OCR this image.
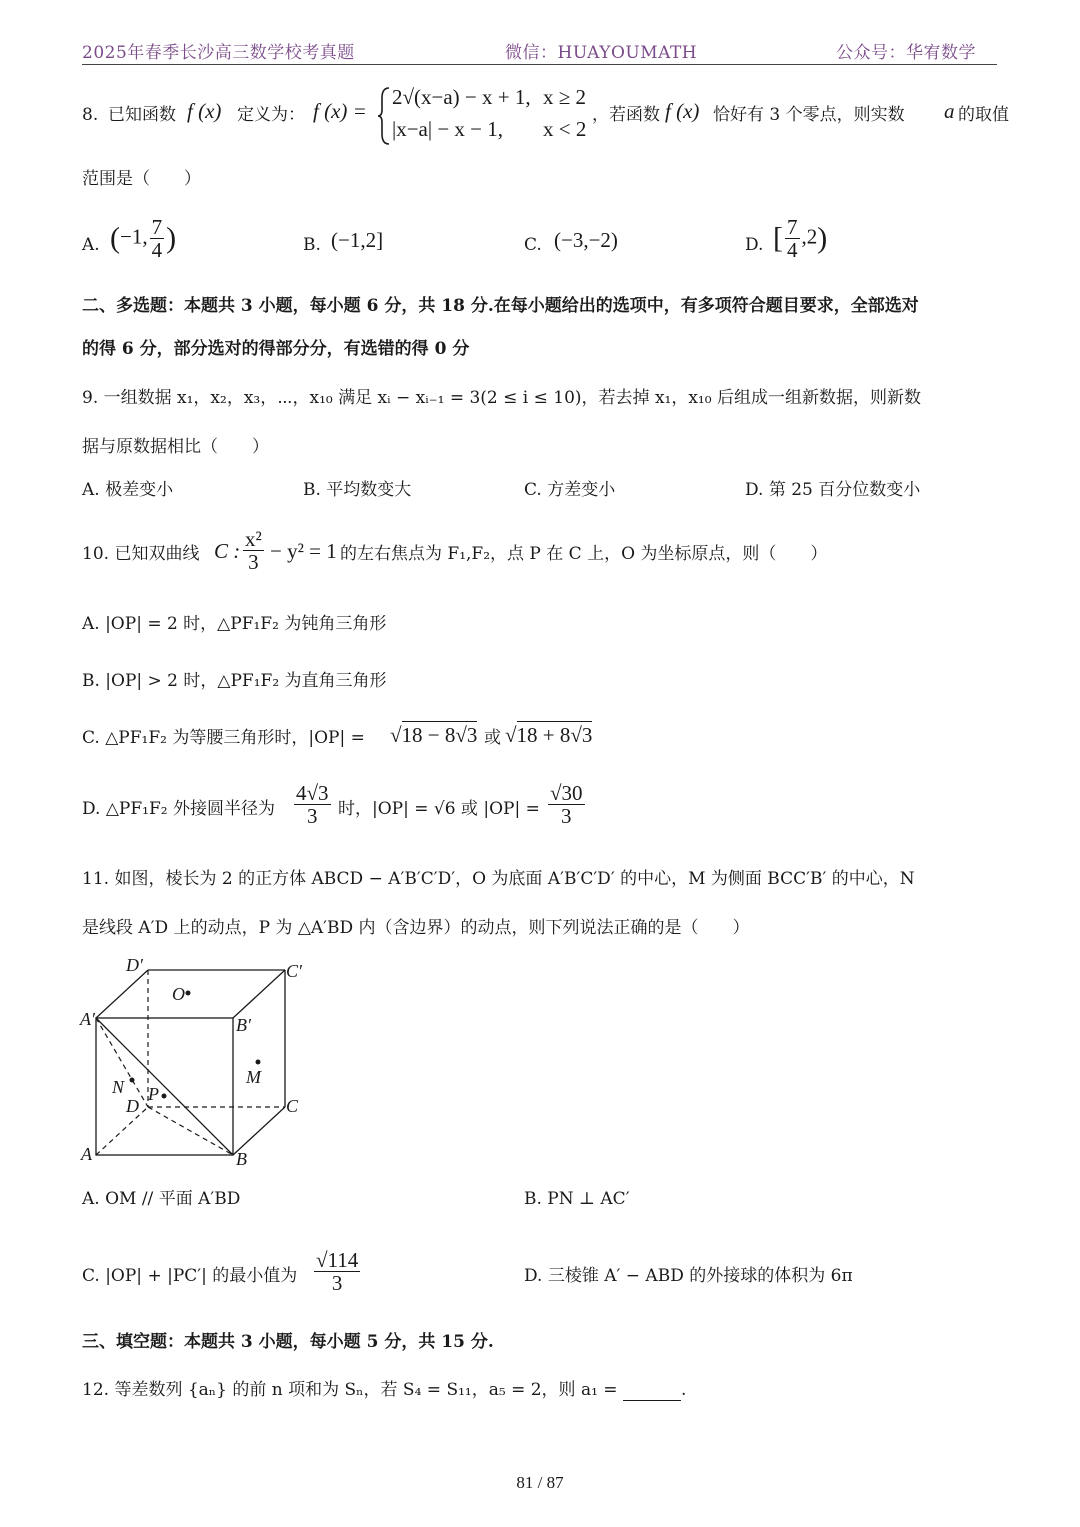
2025年春季长沙高三数学校考真题	微信：HUAYOUMATH	公众号：华宥数学
8. 已知函数 f (x) 定义为： f (x) =
2√(x−a) − x + 1, x ≥ 2
|x−a| − x − 1, x < 2
，若函数 f (x) 恰好有 3 个零点，则实数 a 的取值
范围是（　　）
A. (−1, $\frac{7}{4}$ )	B. (−1,2]	C. (−3,−2)	D. [ $\frac{7}{4} ,2$)
二、多选题：本题共 3 小题，每小题 6 分，共 18 分.在每小题给出的选项中，有多项符合题目要求，全部选对
的得 6 分，部分选对的得部分分，有选错的得 0 分
9. 一组数据 x₁，x₂，x₃，⋯，x₁₀ 满足 xᵢ − xᵢ₋₁ = 3(2 ≤ i ≤ 10)，若去掉 x₁，x₁₀ 后组成一组新数据，则新数
据与原数据相比（　　）
A. 极差变小	B. 平均数变大	C. 方差变小	D. 第 25 百分位数变小
10. 已知双曲线 C : $\frac{\text{x²}}{3} - y^2 = 1$ 的左右焦点为 F₁,F₂，点 P 在 C 上，O 为坐标原点，则（　　）
A. |OP| = 2 时，△PF₁F₂ 为钝角三角形
B. |OP| > 2 时，△PF₁F₂ 为直角三角形
C. △PF₁F₂ 为等腰三角形时，|OP| = √18 − 8√3 或 √18 + 8√3
D. △PF₁F₂ 外接圆半径为 $\frac{4√3}{3}$ 时，|OP| = √6 或 $|OP| = \frac{√30}{3}$
11. 如图，棱长为 2 的正方体 ABCD − A′B′C′D′，O 为底面 A′B′C′D′ 的中心，M 为侧面 BCC′B′ 的中心，N
是线段 A′D 上的动点，P 为 △A′BD 内（含边界）的动点，则下列说法正确的是（　　）
D′	C′
A′	B′
O
M
N P
D	C
A	B
A. OM // 平面 A′BD	B. PN ⊥ AC′
C. |OP| + |PC′| 的最小值为 $\frac{√114}{3}$	D. 三棱锥 A′ − ABD 的外接球的体积为 6π
三、填空题：本题共 3 小题，每小题 5 分，共 15 分.
12. 等差数列 {aₙ} 的前 n 项和为 Sₙ，若 S₄ = S₁₁，a₅ = 2，则 a₁ =	.
81 / 87
